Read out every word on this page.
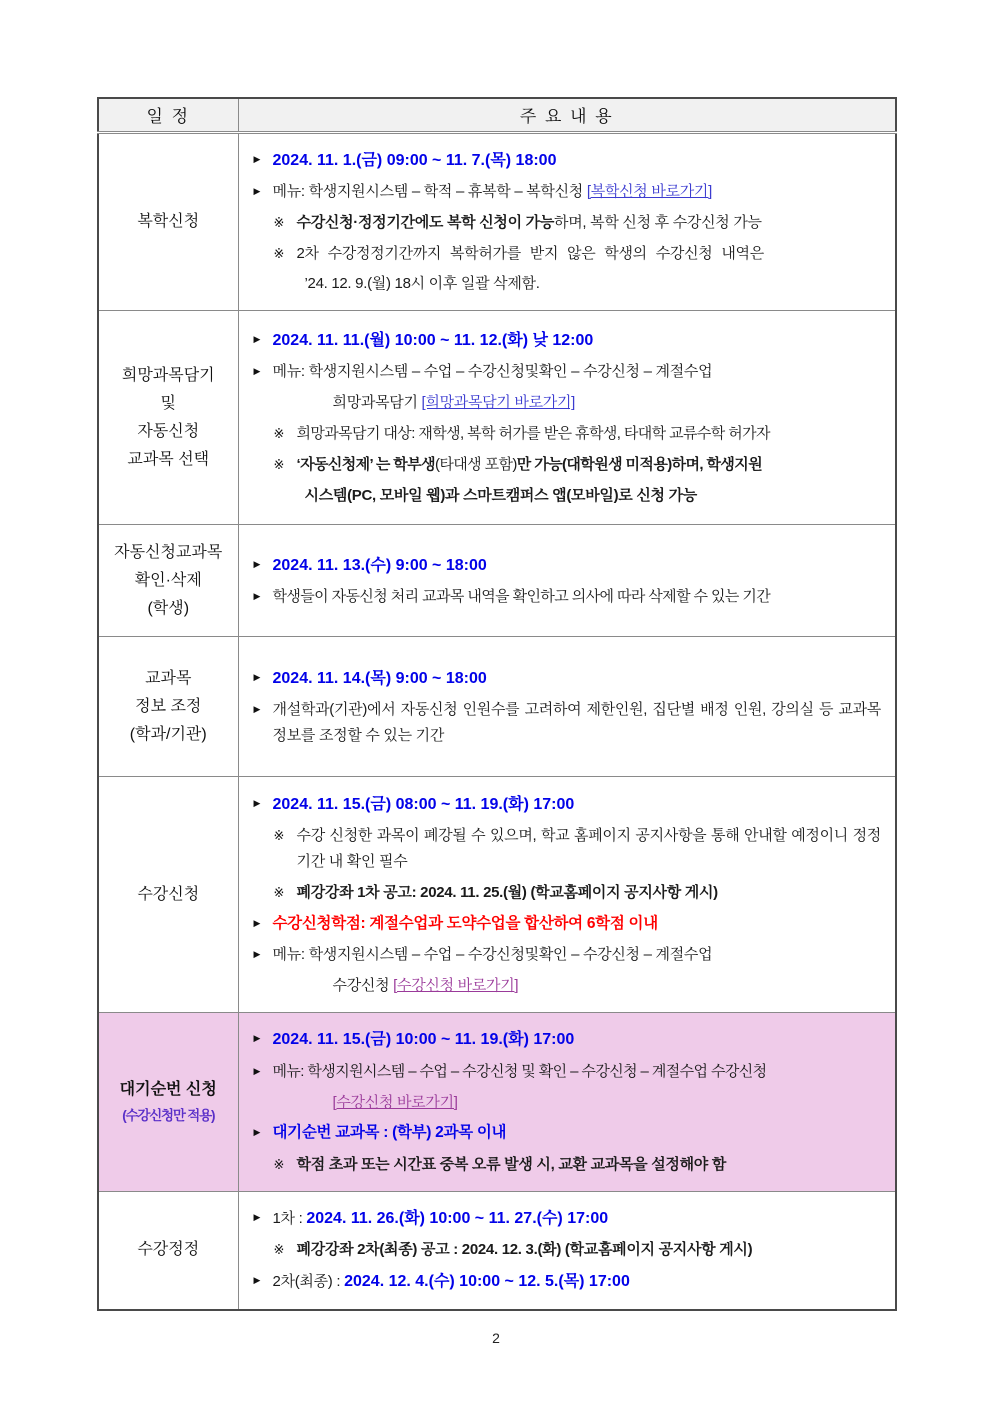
일 정	주 요 내 용

복학신청

▶ 2024. 11. 1.(금) 09:00 ~ 11. 7.(목) 18:00
▶ 메뉴: 학생지원시스템 – 학적 – 휴복학 – 복학신청 [복학신청 바로가기]
※ 수강신청·정정기간에도 복학 신청이 가능하며, 복학 신청 후 수강신청 가능
※ 2차 수강정정기간까지 복학허가를 받지 않은 학생의 수강신청 내역은
’24. 12. 9.(월) 18시 이후 일괄 삭제함.

희망과목담기
및
자동신청
교과목 선택

▶ 2024. 11. 11.(월) 10:00 ~ 11. 12.(화) 낮 12:00
▶ 메뉴: 학생지원시스템 – 수업 – 수강신청및확인 – 수강신청 – 계절수업
희망과목담기 [희망과목담기 바로가기]
※ 희망과목담기 대상: 재학생, 복학 허가를 받은 휴학생, 타대학 교류수학 허가자
※ ‘자동신청제’ 는 학부생(타대생 포함)만 가능(대학원생 미적용)하며, 학생지원
시스템(PC, 모바일 웹)과 스마트캠퍼스 앱(모바일)로 신청 가능

자동신청교과목
확인·삭제
(학생)

▶ 2024. 11. 13.(수) 9:00 ~ 18:00
▶ 학생들이 자동신청 처리 교과목 내역을 확인하고 의사에 따라 삭제할 수 있는 기간

교과목
정보 조정
(학과/기관)

▶ 2024. 11. 14.(목) 9:00 ~ 18:00
▶ 개설학과(기관)에서 자동신청 인원수를 고려하여 제한인원, 집단별 배정 인원, 강의실 등 교과목 정보를 조정할 수 있는 기간

수강신청

▶ 2024. 11. 15.(금) 08:00 ~ 11. 19.(화) 17:00
※ 수강 신청한 과목이 폐강될 수 있으며, 학교 홈페이지 공지사항을 통해 안내할 예정이니 정정기간 내 확인 필수
※ 폐강강좌 1차 공고: 2024. 11. 25.(월) (학교홈페이지 공지사항 게시)
▶ 수강신청학점: 계절수업과 도약수업을 합산하여 6학점 이내
▶ 메뉴: 학생지원시스템 – 수업 – 수강신청및확인 – 수강신청 – 계절수업
수강신청 [수강신청 바로가기]

대기순번 신청
(수강신청만 적용)

▶ 2024. 11. 15.(금) 10:00 ~ 11. 19.(화) 17:00
▶ 메뉴: 학생지원시스템 – 수업 – 수강신청 및 확인 – 수강신청 – 계절수업 수강신청
[수강신청 바로가기]
▶ 대기순번 교과목 : (학부) 2과목 이내
※ 학점 초과 또는 시간표 중복 오류 발생 시, 교환 교과목을 설정해야 함

수강정정

▶ 1차 : 2024. 11. 26.(화) 10:00 ~ 11. 27.(수) 17:00
※ 폐강강좌 2차(최종) 공고 : 2024. 12. 3.(화) (학교홈페이지 공지사항 게시)
▶ 2차(최종) : 2024. 12. 4.(수) 10:00 ~ 12. 5.(목) 17:00
2
